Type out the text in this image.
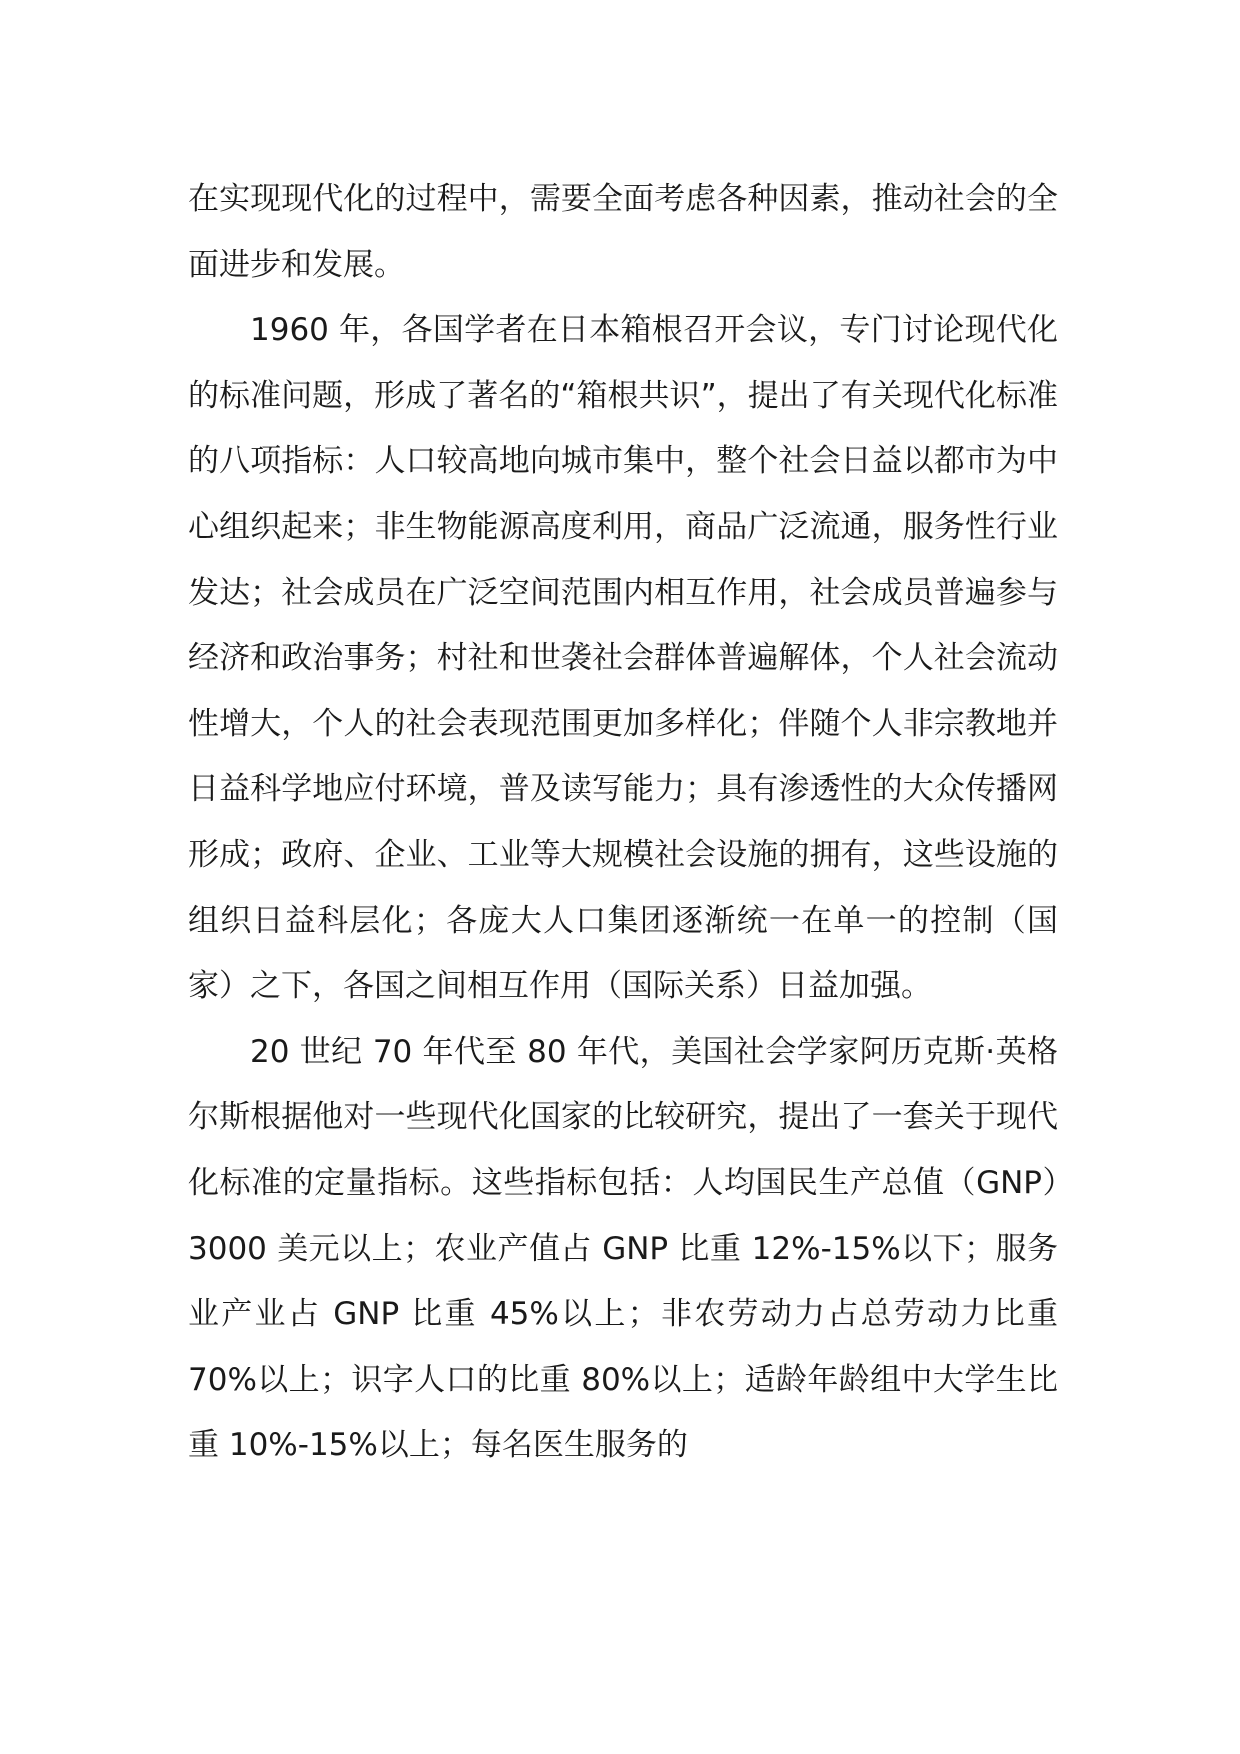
在实现现代化的过程中，需要全面考虑各种因素，推动社会的全面进步和发展。

1960 年，各国学者在日本箱根召开会议，专门讨论现代化的标准问题，形成了著名的“箱根共识”，提出了有关现代化标准的八项指标：人口较高地向城市集中，整个社会日益以都市为中心组织起来；非生物能源高度利用，商品广泛流通，服务性行业发达；社会成员在广泛空间范围内相互作用，社会成员普遍参与经济和政治事务；村社和世袭社会群体普遍解体，个人社会流动性增大，个人的社会表现范围更加多样化；伴随个人非宗教地并日益科学地应付环境，普及读写能力；具有渗透性的大众传播网形成；政府、企业、工业等大规模社会设施的拥有，这些设施的组织日益科层化；各庞大人口集团逐渐统一在单一的控制（国家）之下，各国之间相互作用（国际关系）日益加强。

20 世纪 70 年代至 80 年代，美国社会学家阿历克斯·英格尔斯根据他对一些现代化国家的比较研究，提出了一套关于现代化标准的定量指标。这些指标包括：人均国民生产总值（GNP）3000 美元以上；农业产值占 GNP 比重 12%-15%以下；服务业产业占 GNP 比重 45%以上；非农劳动力占总劳动力比重 70%以上；识字人口的比重 80%以上；适龄年龄组中大学生比重 10%-15%以上；每名医生服务的
